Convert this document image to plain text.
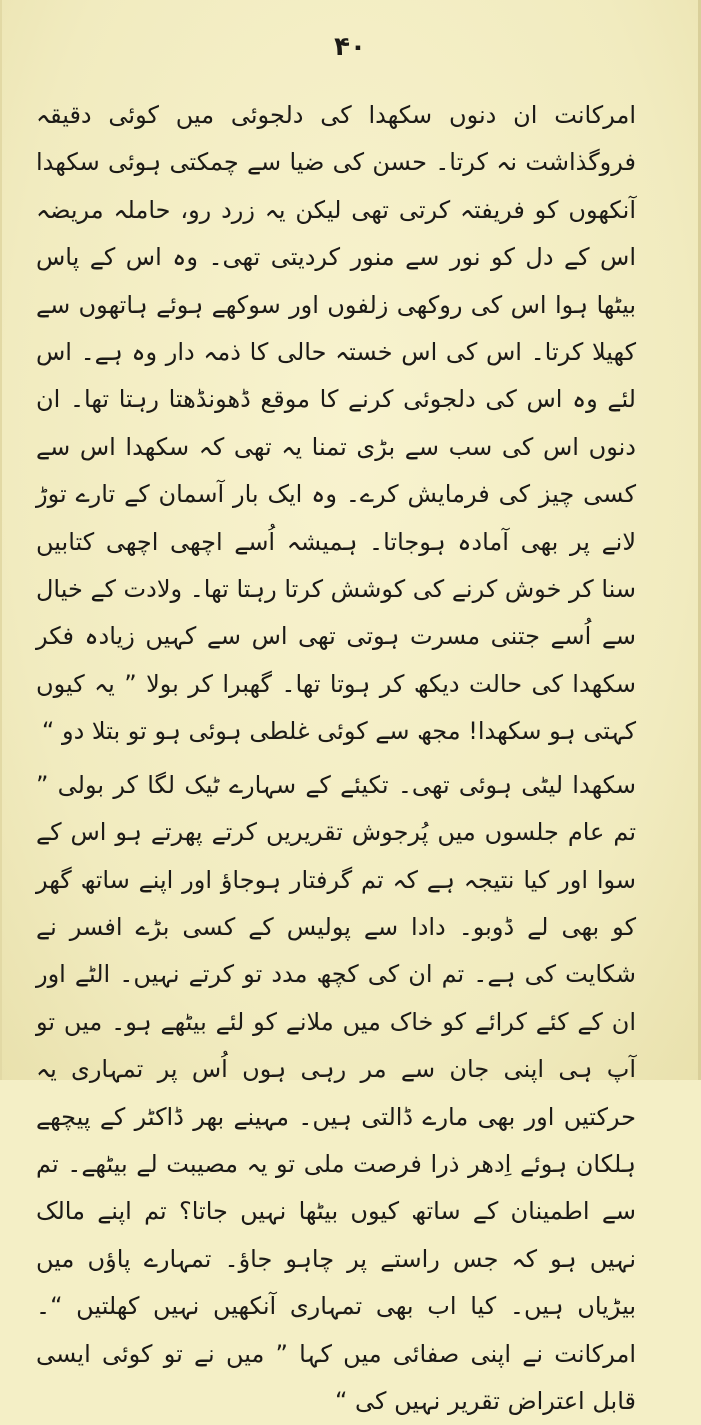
۴۰

امرکانت ان دنوں سکھدا کی دلجوئی میں کوئی دقیقہ فروگذاشت نہ کرتا۔ حسن کی ضیا سے چمکتی ہوئی سکھدا آنکھوں کو فریفتہ کرتی تھی لیکن یہ زرد رو، حاملہ مریضہ اس کے دل کو نور سے منور کردیتی تھی۔ وہ اس کے پاس بیٹھا ہوا اس کی روکھی زلفوں اور سوکھے ہوئے ہاتھوں سے کھیلا کرتا۔ اس کی اس خستہ حالی کا ذمہ دار وہ ہے۔ اس لئے وہ اس کی دلجوئی کرنے کا موقع ڈھونڈھتا رہتا تھا۔ ان دنوں اس کی سب سے بڑی تمنا یہ تھی کہ سکھدا اس سے کسی چیز کی فرمایش کرے۔ وہ ایک بار آسمان کے تارے توڑ لانے پر بھی آمادہ ہوجاتا۔ ہمیشہ اُسے اچھی اچھی کتابیں سنا کر خوش کرنے کی کوشش کرتا رہتا تھا۔ ولادت کے خیال سے اُسے جتنی مسرت ہوتی تھی اس سے کہیں زیادہ فکر سکھدا کی حالت دیکھ کر ہوتا تھا۔ گھبرا کر بولا ” یہ کیوں کہتی ہو سکھدا! مجھ سے کوئی غلطی ہوئی ہو تو بتلا دو “

سکھدا لیٹی ہوئی تھی۔ تکیئے کے سہارے ٹیک لگا کر بولی ” تم عام جلسوں میں پُرجوش تقریریں کرتے پھرتے ہو اس کے سوا اور کیا نتیجہ ہے کہ تم گرفتار ہوجاؤ اور اپنے ساتھ گھر کو بھی لے ڈوبو۔ دادا سے پولیس کے کسی بڑے افسر نے شکایت کی ہے۔ تم ان کی کچھ مدد تو کرتے نہیں۔ الٹے اور ان کے کئے کرائے کو خاک میں ملانے کو لئے بیٹھے ہو۔ میں تو آپ ہی اپنی جان سے مر رہی ہوں اُس پر تمہاری یہ حرکتیں اور بھی مارے ڈالتی ہیں۔ مہینے بھر ڈاکٹر کے پیچھے ہلکان ہوئے اِدھر ذرا فرصت ملی تو یہ مصیبت لے بیٹھے۔ تم سے اطمینان کے ساتھ کیوں بیٹھا نہیں جاتا؟ تم اپنے مالک نہیں ہو کہ جس راستے پر چاہو جاؤ۔ تمہارے پاؤں میں بیڑیاں ہیں۔ کیا اب بھی تمہاری آنکھیں نہیں کھلتیں “۔ امرکانت نے اپنی صفائی میں کہا ” میں نے تو کوئی ایسی قابل اعتراض تقریر نہیں کی “
